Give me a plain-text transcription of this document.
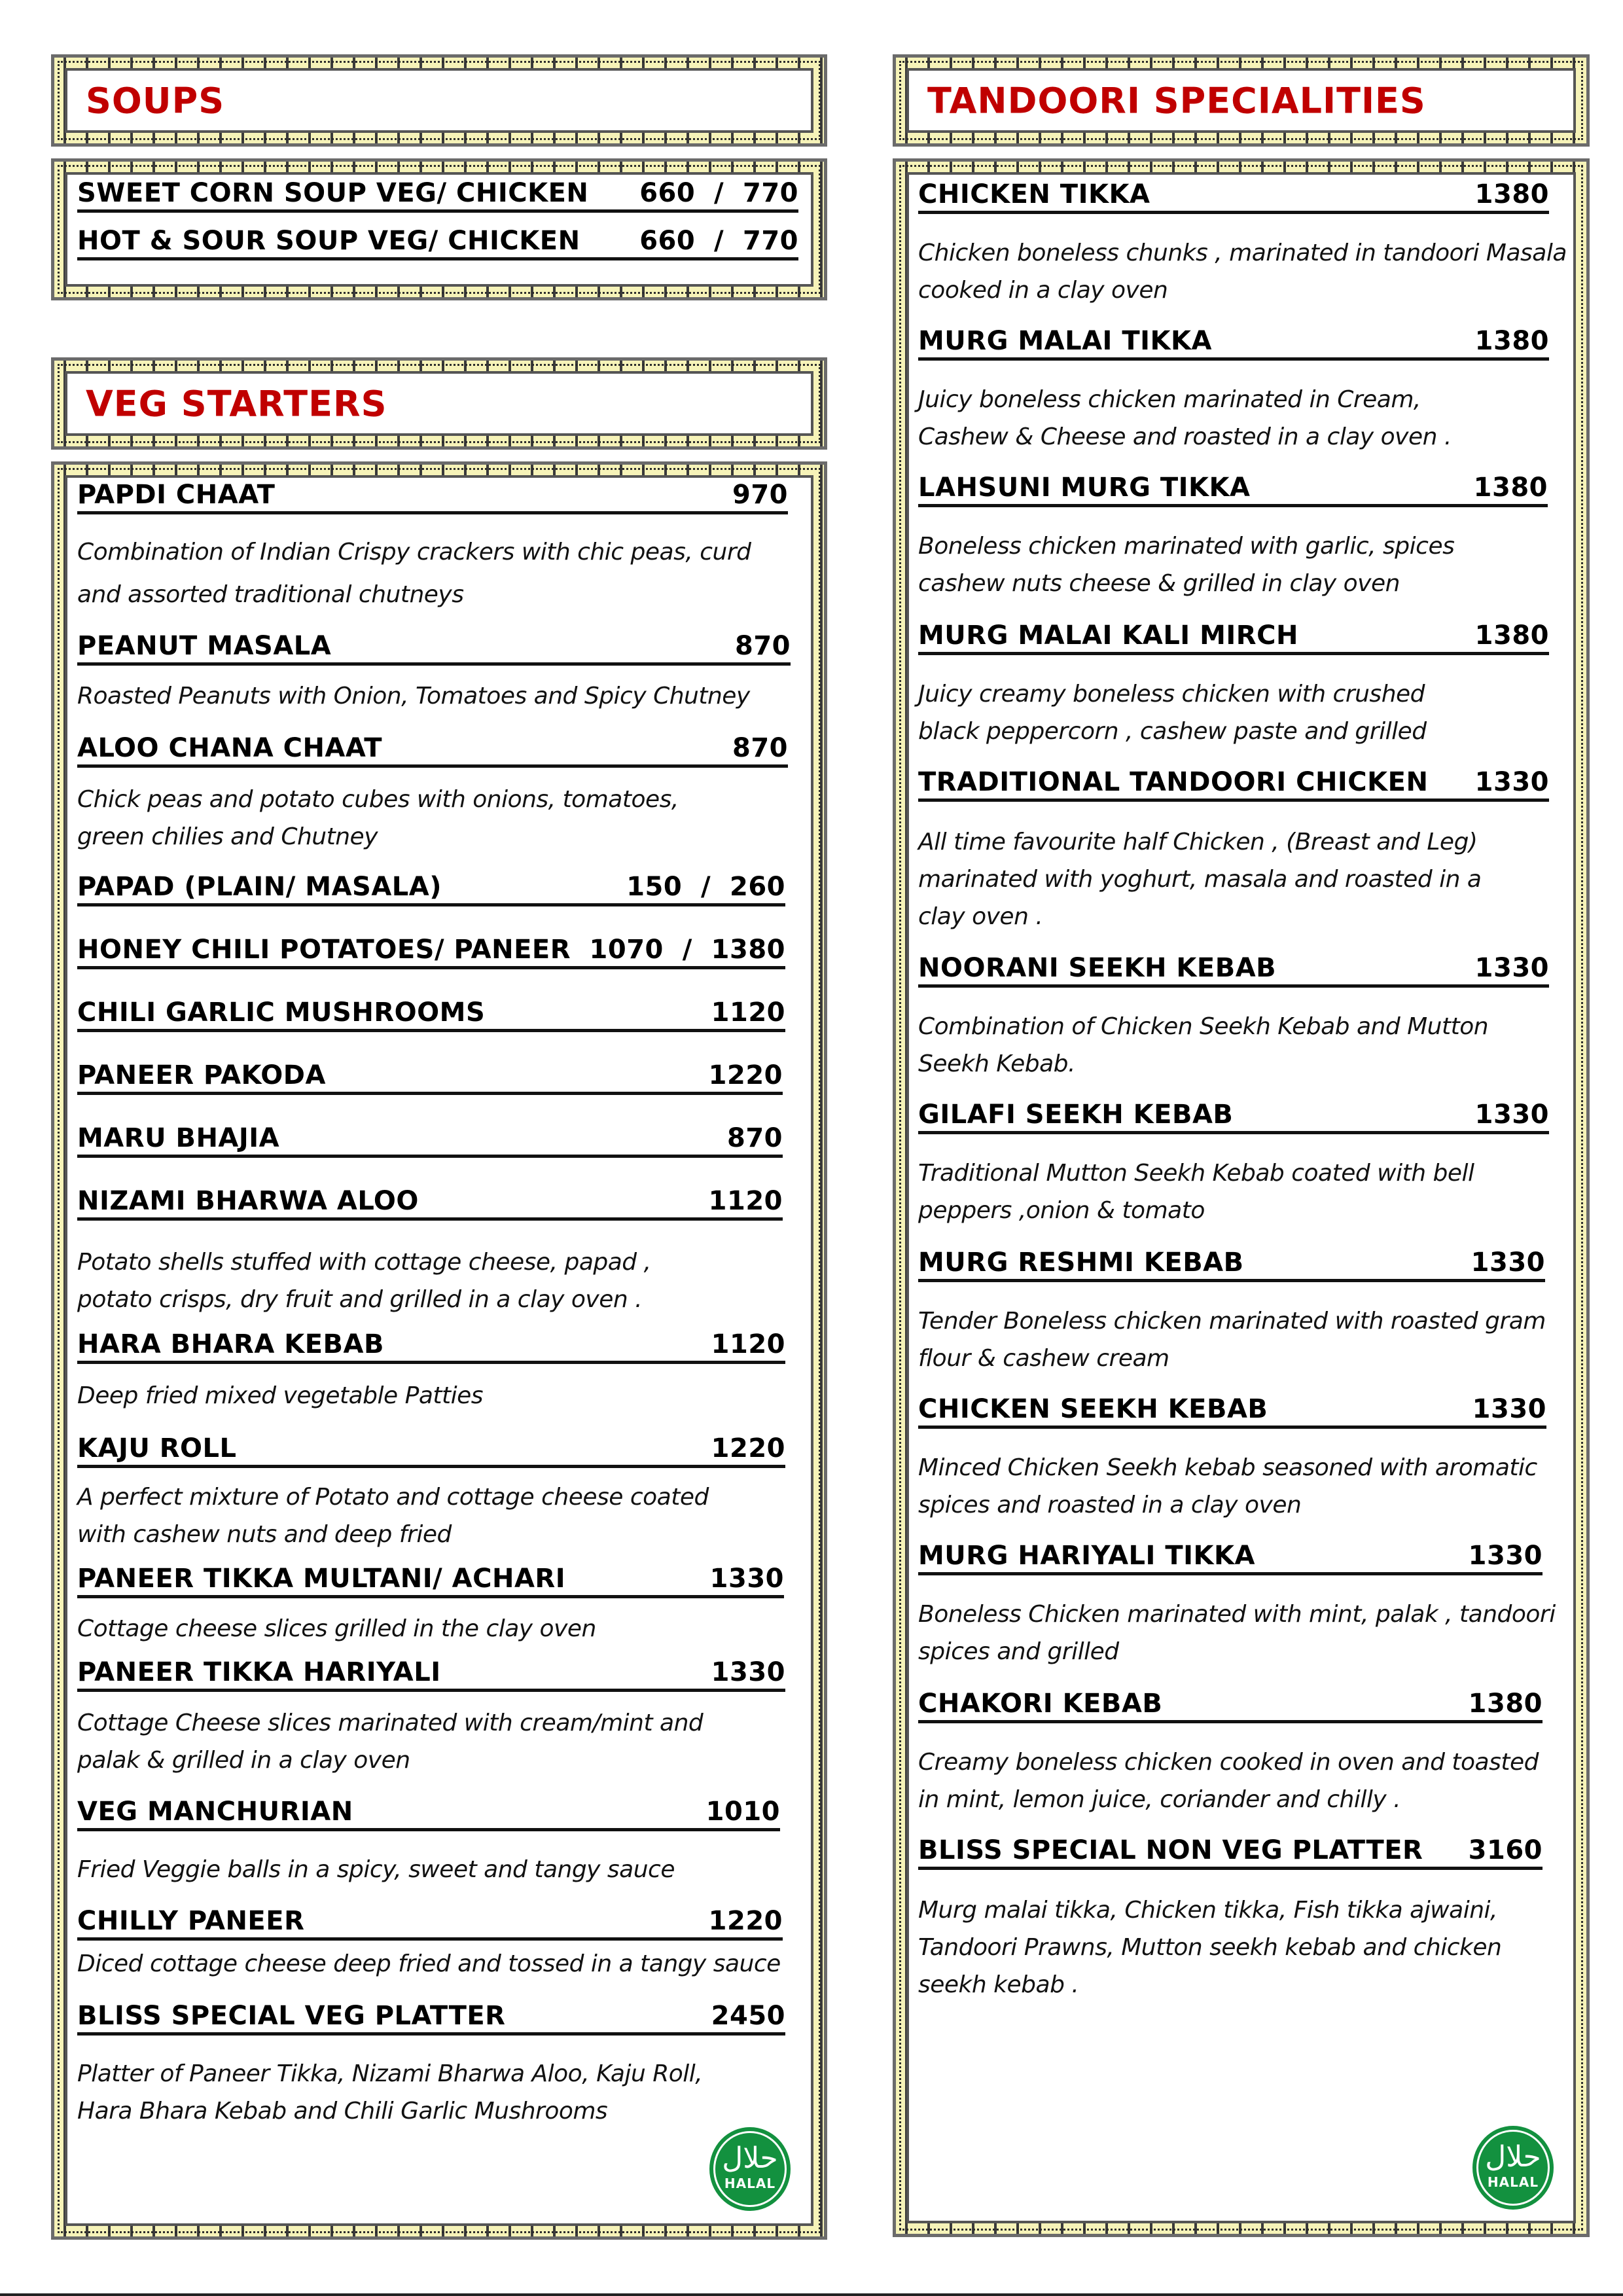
SOUPS
SWEET CORN SOUP VEG/ CHICKEN 660  /  770
HOT & SOUR SOUP VEG/ CHICKEN 660  /  770
VEG STARTERS
PAPDI CHAAT	970
Combination of Indian Crispy crackers with chic peas, curd
and assorted traditional chutneys
PEANUT MASALA	870
Roasted Peanuts with Onion, Tomatoes and Spicy Chutney
ALOO CHANA CHAAT	870
Chick peas and potato cubes with onions, tomatoes,
green chilies and Chutney
PAPAD (PLAIN/ MASALA)	150  /  260
HONEY CHILI POTATOES/ PANEER 1070  /  1380
CHILI GARLIC MUSHROOMS	1120
PANEER PAKODA	1220
MARU BHAJIA	870
NIZAMI BHARWA ALOO	1120
Potato shells stuffed with cottage cheese, papad ,
potato crisps, dry fruit and grilled in a clay oven .
HARA BHARA KEBAB	1120
Deep fried mixed vegetable Patties
KAJU ROLL	1220
A perfect mixture of Potato and cottage cheese coated
with cashew nuts and deep fried
PANEER TIKKA MULTANI/ ACHARI	1330
Cottage cheese slices grilled in the clay oven
PANEER TIKKA HARIYALI	1330
Cottage Cheese slices marinated with cream/mint and
palak & grilled in a clay oven
VEG MANCHURIAN	1010
Fried Veggie balls in a spicy, sweet and tangy sauce
CHILLY PANEER	1220
Diced cottage cheese deep fried and tossed in a tangy sauce
BLISS SPECIAL VEG PLATTER	2450
Platter of Paneer Tikka, Nizami Bharwa Aloo, Kaju Roll,
Hara Bhara Kebab and Chili Garlic Mushrooms
حلال
HALAL
TANDOORI SPECIALITIES
CHICKEN TIKKA	1380
Chicken boneless chunks , marinated in tandoori Masala
cooked in a clay oven
MURG MALAI TIKKA	1380
Juicy boneless chicken marinated in Cream,
Cashew & Cheese and roasted in a clay oven .
LAHSUNI MURG TIKKA	1380
Boneless chicken marinated with garlic, spices
cashew nuts cheese & grilled in clay oven
MURG MALAI KALI MIRCH	1380
Juicy creamy boneless chicken with crushed
black peppercorn , cashew paste and grilled
TRADITIONAL TANDOORI CHICKEN 1330
All time favourite half Chicken , (Breast and Leg)
marinated with yoghurt, masala and roasted in a
clay oven .
NOORANI SEEKH KEBAB	1330
Combination of Chicken Seekh Kebab and Mutton
Seekh Kebab.
GILAFI SEEKH KEBAB	1330
Traditional Mutton Seekh Kebab coated with bell
peppers ,onion & tomato
MURG RESHMI KEBAB	1330
Tender Boneless chicken marinated with roasted gram
flour & cashew cream
CHICKEN SEEKH KEBAB	1330
Minced Chicken Seekh kebab seasoned with aromatic
spices and roasted in a clay oven
MURG HARIYALI TIKKA	1330
Boneless Chicken marinated with mint, palak , tandoori
spices and grilled
CHAKORI KEBAB	1380
Creamy boneless chicken cooked in oven and toasted
in mint, lemon juice, coriander and chilly .
BLISS SPECIAL NON VEG PLATTER 3160
Murg malai tikka, Chicken tikka, Fish tikka ajwaini,
Tandoori Prawns, Mutton seekh kebab and chicken
seekh kebab .
حلال
HALAL
